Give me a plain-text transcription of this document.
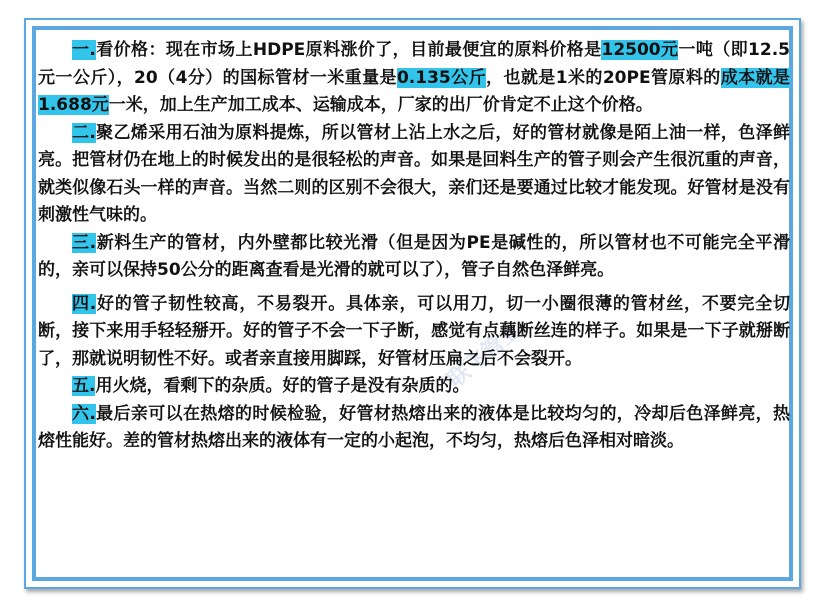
联飞管业

一.看价格：现在市场上HDPE原料涨价了，目前最便宜的原料价格是12500元一吨（即12.5元一公斤），20（4分）的国标管材一米重量是0.135公斤，也就是1米的20PE管原料的成本就是1.688元一米，加上生产加工成本、运输成本，厂家的出厂价肯定不止这个价格。

二.聚乙烯采用石油为原料提炼，所以管材上沾上水之后，好的管材就像是陌上油一样，色泽鲜亮。把管材仍在地上的时候发出的是很轻松的声音。如果是回料生产的管子则会产生很沉重的声音，就类似像石头一样的声音。当然二则的区别不会很大，亲们还是要通过比较才能发现。好管材是没有刺激性气味的。

三.新料生产的管材，内外壁都比较光滑（但是因为PE是碱性的，所以管材也不可能完全平滑的，亲可以保持50公分的距离查看是光滑的就可以了），管子自然色泽鲜亮。

四.好的管子韧性较高，不易裂开。具体亲，可以用刀，切一小圈很薄的管材丝，不要完全切断，接下来用手轻轻掰开。好的管子不会一下子断，感觉有点藕断丝连的样子。如果是一下子就掰断了，那就说明韧性不好。或者亲直接用脚踩，好管材压扁之后不会裂开。

五.用火烧，看剩下的杂质。好的管子是没有杂质的。

六.最后亲可以在热熔的时候检验，好管材热熔出来的液体是比较均匀的，冷却后色泽鲜亮，热熔性能好。差的管材热熔出来的液体有一定的小起泡，不均匀，热熔后色泽相对暗淡。
